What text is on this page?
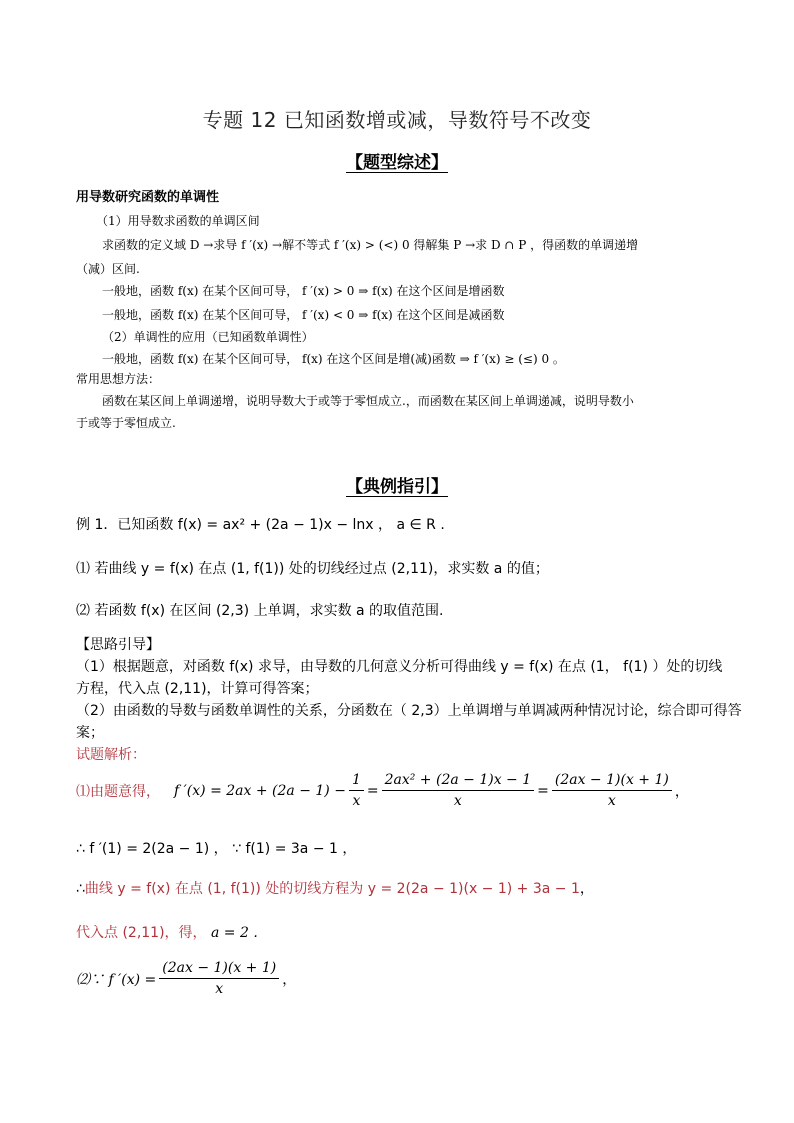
专题 12 已知函数增或减，导数符号不改变
【题型综述】
用导数研究函数的单调性
（1）用导数求函数的单调区间
求函数的定义域 D →求导 f ′(x) →解不等式 f ′(x) > (<) 0 得解集 P →求 D ∩ P ，得函数的单调递增
（减）区间.
一般地，函数 f(x) 在某个区间可导， f ′(x) > 0 ⇒ f(x) 在这个区间是增函数
一般地，函数 f(x) 在某个区间可导， f ′(x) < 0 ⇒ f(x) 在这个区间是减函数
（2）单调性的应用（已知函数单调性）
一般地，函数 f(x) 在某个区间可导， f(x) 在这个区间是增(减)函数 ⇒ f ′(x) ≥ (≤) 0 。
常用思想方法：
函数在某区间上单调递增，说明导数大于或等于零恒成立.，而函数在某区间上单调递减，说明导数小
于或等于零恒成立.
【典例指引】
例 1．已知函数 f(x) = ax² + (2a − 1)x − lnx ， a ∈ R .
⑴ 若曲线 y = f(x) 在点 (1, f(1)) 处的切线经过点 (2,11)，求实数 a 的值；
⑵ 若函数 f(x) 在区间 (2,3) 上单调，求实数 a 的取值范围.
【思路引导】
（1）根据题意，对函数 f(x) 求导，由导数的几何意义分析可得曲线 y = f(x) 在点 (1， f(1) ）处的切线
方程，代入点 (2,11)，计算可得答案；
（2）由函数的导数与函数单调性的关系，分函数在（ 2,3）上单调增与单调减两种情况讨论，综合即可得答
案；
试题解析：
⑴由题意得， f $'(x) = 2ax + (2a - 1) - \frac{1}{x} = \frac{\text{2ax² + (2a − 1)x − 1}}{x} = \frac{(2ax - 1)(x + 1)}{x}$ ，
∴ f ′(1) = 2(2a − 1) ， ∵ f(1) = 3a − 1 ，
∴曲线 y = f(x) 在点 (1, f(1)) 处的切线方程为 y = 2(2a − 1)(x − 1) + 3a − 1，
代入点 (2,11)，得， a = 2 .
⑵∵ f $'(x) = \frac{(2ax - 1)(x + 1)}{x}$ ，
